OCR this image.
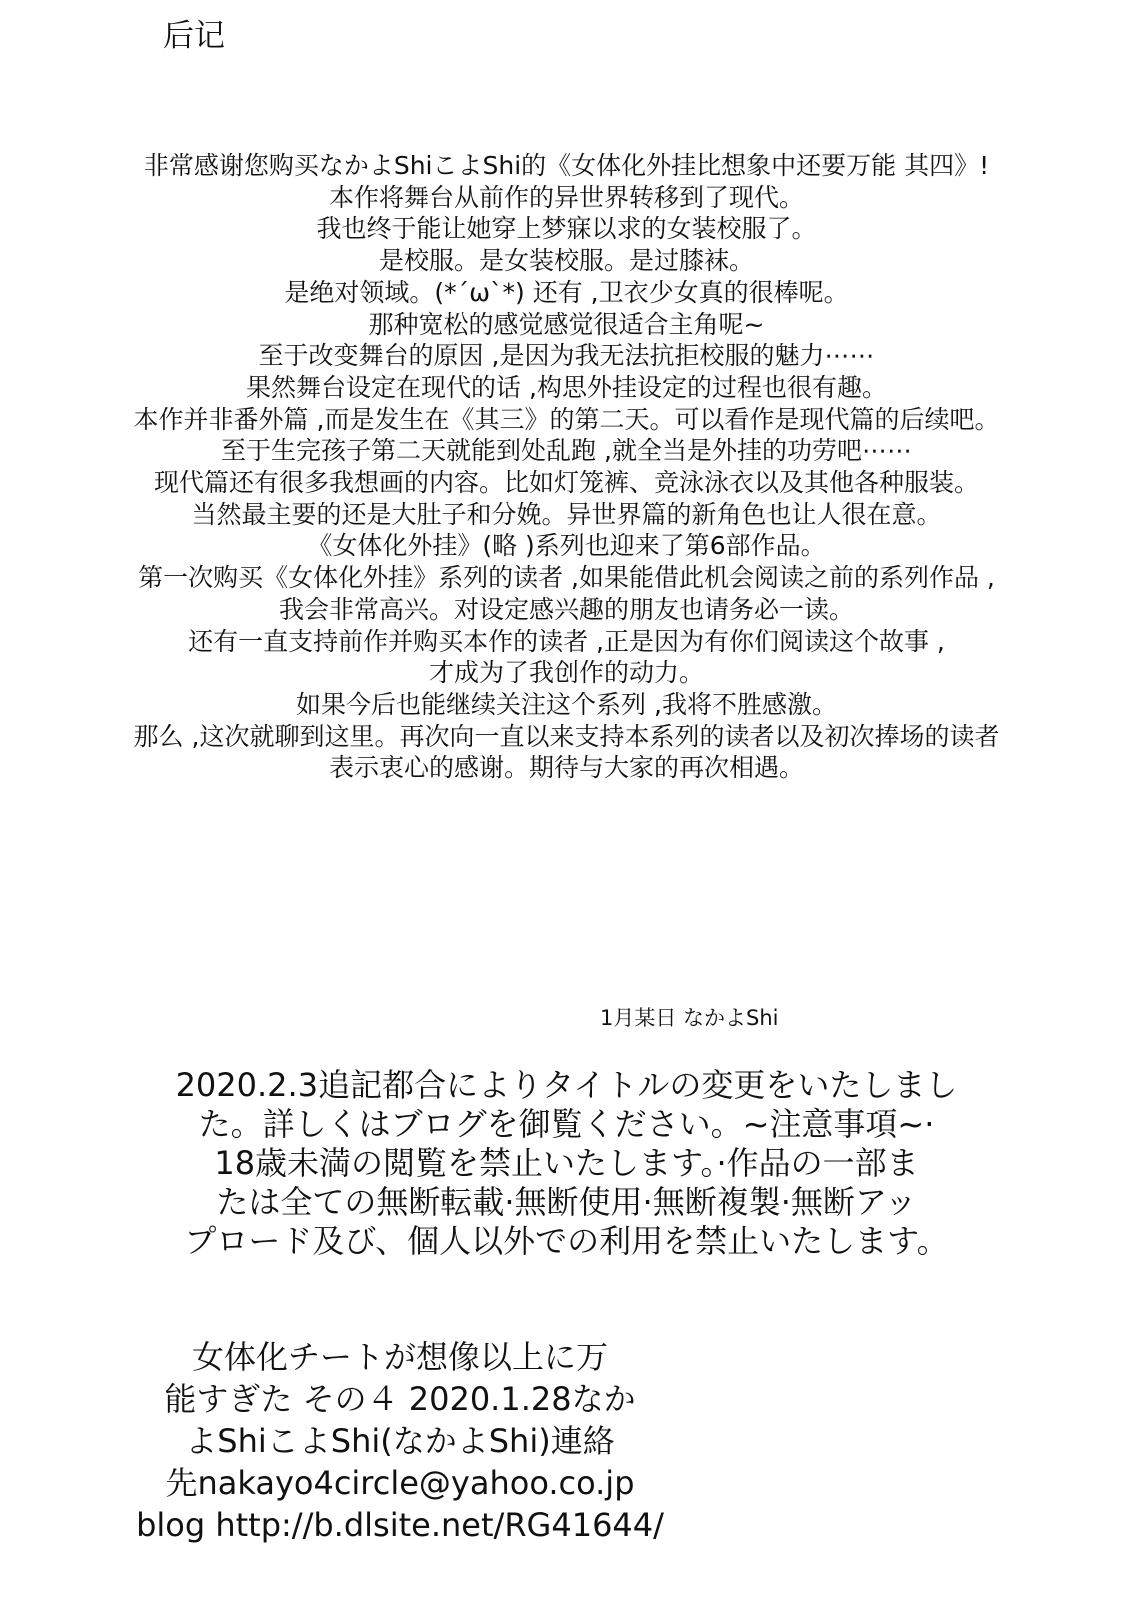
后记
非常感谢您购买なかよShiこよShi的《女体化外挂比想象中还要万能 其四》!
本作将舞台从前作的异世界转移到了现代。
我也终于能让她穿上梦寐以求的女装校服了。
是校服。是女装校服。是过膝袜。
是绝对领域。(*´ω`*) 还有 ,卫衣少女真的很棒呢。
那种宽松的感觉感觉很适合主角呢~
至于改变舞台的原因 ,是因为我无法抗拒校服的魅力⋯⋯
果然舞台设定在现代的话 ,构思外挂设定的过程也很有趣。
本作并非番外篇 ,而是发生在《其三》的第二天。可以看作是现代篇的后续吧。
至于生完孩子第二天就能到处乱跑 ,就全当是外挂的功劳吧⋯⋯
现代篇还有很多我想画的内容。比如灯笼裤、竞泳泳衣以及其他各种服装。
当然最主要的还是大肚子和分娩。异世界篇的新角色也让人很在意。
《女体化外挂》(略 )系列也迎来了第6部作品。
第一次购买《女体化外挂》系列的读者 ,如果能借此机会阅读之前的系列作品 ,
我会非常高兴。对设定感兴趣的朋友也请务必一读。
还有一直支持前作并购买本作的读者 ,正是因为有你们阅读这个故事 ,
才成为了我创作的动力。
如果今后也能继续关注这个系列 ,我将不胜感激。
那么 ,这次就聊到这里。再次向一直以来支持本系列的读者以及初次捧场的读者
表示衷心的感谢。期待与大家的再次相遇。
1月某日 なかよShi
2020.2.3追記都合によりタイトルの変更をいたしまし
た。詳しくはブログを御覧ください。~注意事項~·
18歳未満の閲覧を禁止いたします。·作品の一部ま
たは全ての無断転載·無断使用·無断複製·無断アッ
プロード及び、個人以外での利用を禁止いたします。
女体化チートが想像以上に万
能すぎた その４ 2020.1.28なか
よShiこよShi(なかよShi)連絡
先nakayo4circle@yahoo.co.jp
blog http://b.dlsite.net/RG41644/
